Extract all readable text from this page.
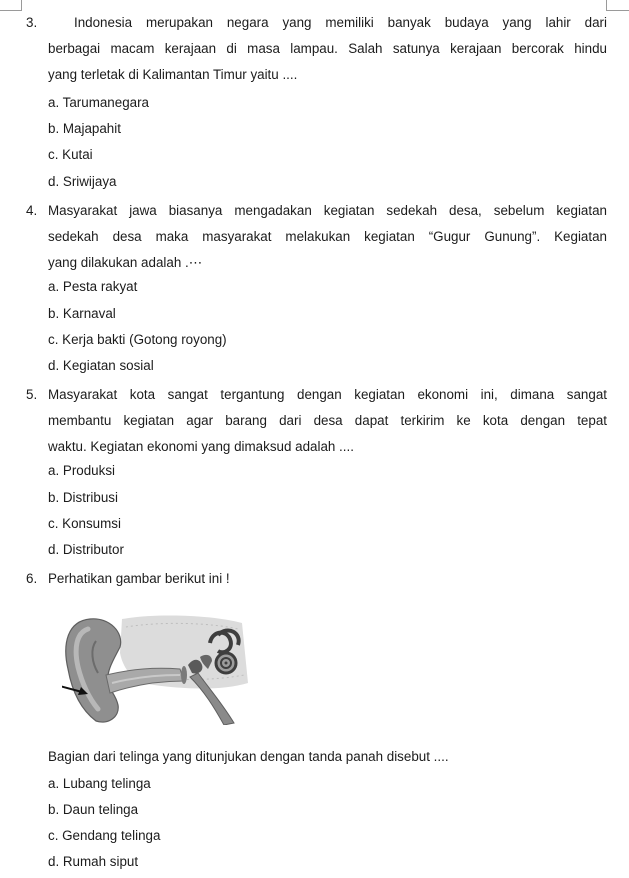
3.	Indonesia merupakan negara yang memiliki banyak budaya yang lahir dari
berbagai macam kerajaan di masa lampau. Salah satunya kerajaan bercorak hindu
yang terletak di Kalimantan Timur yaitu ....
a. Tarumanegara
b. Majapahit
c. Kutai
d. Sriwijaya
4. Masyarakat jawa biasanya mengadakan kegiatan sedekah desa, sebelum kegiatan
sedekah desa maka masyarakat melakukan kegiatan “Gugur Gunung”. Kegiatan
yang dilakukan adalah .⋯
a. Pesta rakyat
b. Karnaval
c. Kerja bakti (Gotong royong)
d. Kegiatan sosial
5. Masyarakat kota sangat tergantung dengan kegiatan ekonomi ini, dimana sangat
membantu kegiatan agar barang dari desa dapat terkirim ke kota dengan tepat
waktu. Kegiatan ekonomi yang dimaksud adalah ....
a. Produksi
b. Distribusi
c. Konsumsi
d. Distributor
6. Perhatikan gambar berikut ini !
Bagian dari telinga yang ditunjukan dengan tanda panah disebut ....
a. Lubang telinga
b. Daun telinga
c. Gendang telinga
d. Rumah siput
